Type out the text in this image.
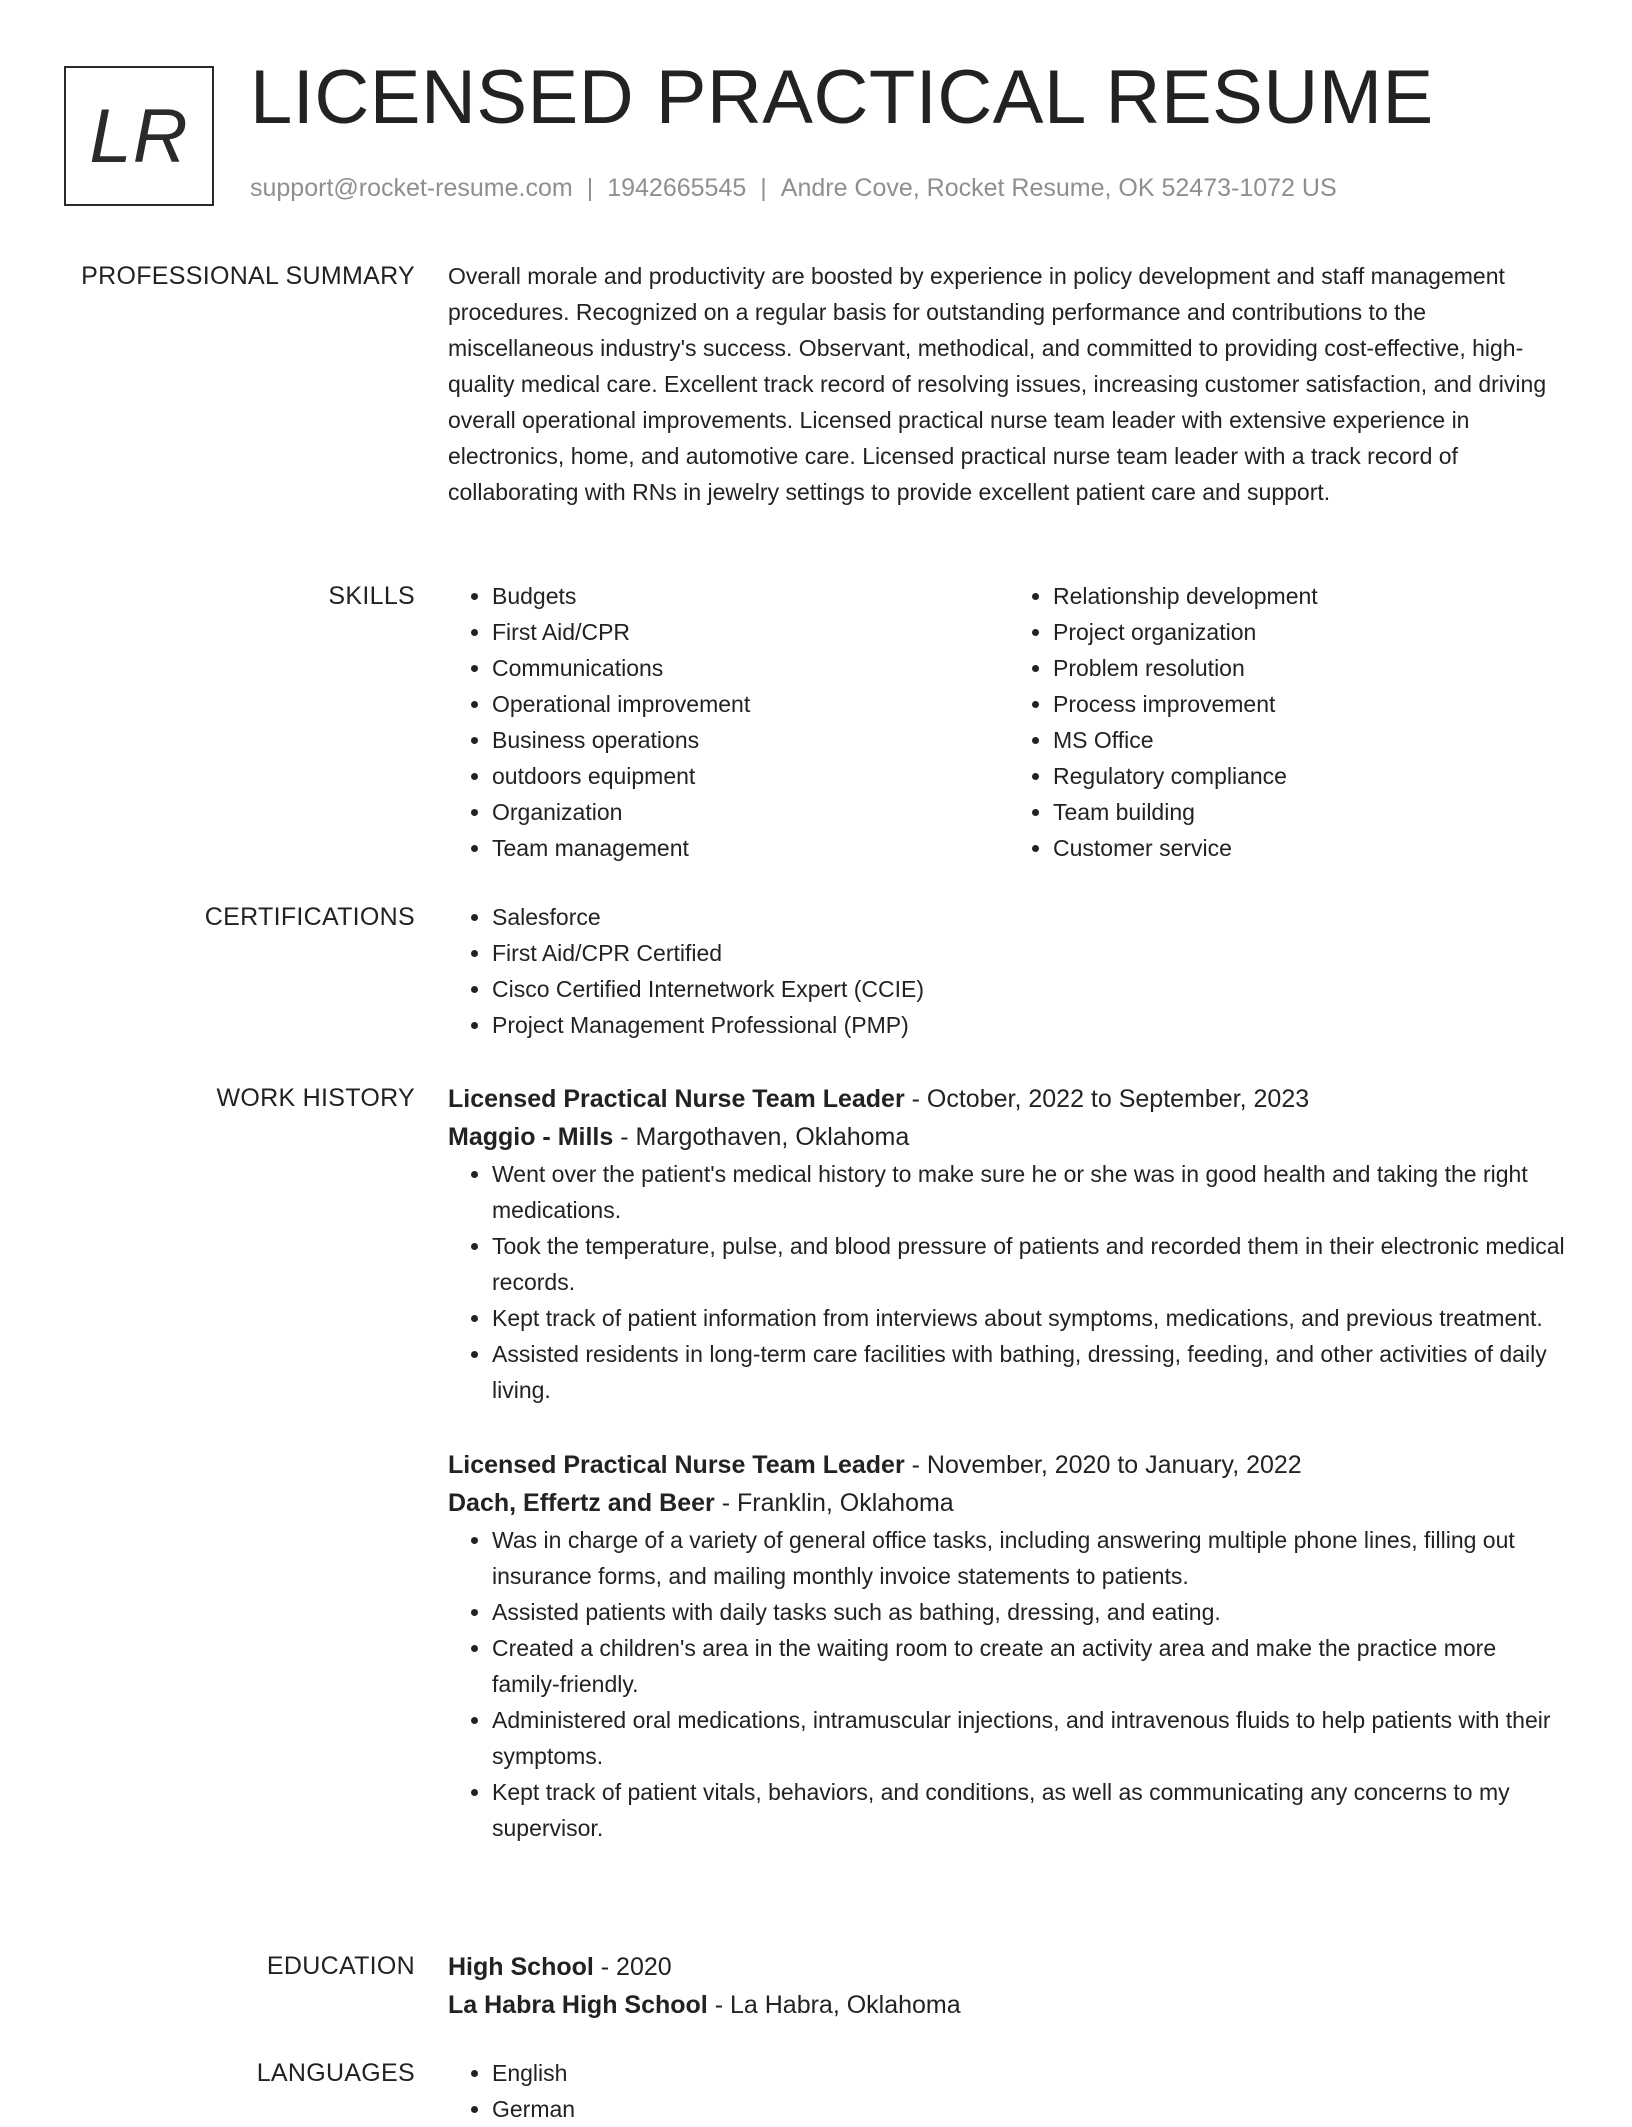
LR LICENSED PRACTICAL RESUME
support@rocket-resume.com | 1942665545 | Andre Cove, Rocket Resume, OK 52473-1072 US
PROFESSIONAL SUMMARY Overall morale and productivity are boosted by experience in policy development and staff management procedures. Recognized on a regular basis for outstanding performance and contributions to the miscellaneous industry's success. Observant, methodical, and committed to providing cost-effective, high-quality medical care. Excellent track record of resolving issues, increasing customer satisfaction, and driving overall operational improvements. Licensed practical nurse team leader with extensive experience in electronics, home, and automotive care. Licensed practical nurse team leader with a track record of collaborating with RNs in jewelry settings to provide excellent patient care and support.

SKILLS	• Budgets
• First Aid/CPR
• Communications
• Operational improvement
• Business operations
• outdoors equipment
• Organization
• Team management
• Relationship development
• Project organization
• Problem resolution
• Process improvement
• MS Office
• Regulatory compliance
• Team building
• Customer service
CERTIFICATIONS	• Salesforce
• First Aid/CPR Certified
• Cisco Certified Internetwork Expert (CCIE)
• Project Management Professional (PMP)
WORK HISTORY Licensed Practical Nurse Team Leader - October, 2022 to September, 2023
Maggio - Mills - Margothaven, Oklahoma
• Went over the patient's medical history to make sure he or she was in good health and taking the right medications.
• Took the temperature, pulse, and blood pressure of patients and recorded them in their electronic medical records.
• Kept track of patient information from interviews about symptoms, medications, and previous treatment.
• Assisted residents in long-term care facilities with bathing, dressing, feeding, and other activities of daily living.
Licensed Practical Nurse Team Leader - November, 2020 to January, 2022
Dach, Effertz and Beer - Franklin, Oklahoma
• Was in charge of a variety of general office tasks, including answering multiple phone lines, filling out insurance forms, and mailing monthly invoice statements to patients.
• Assisted patients with daily tasks such as bathing, dressing, and eating.
• Created a children's area in the waiting room to create an activity area and make the practice more family-friendly.
• Administered oral medications, intramuscular injections, and intravenous fluids to help patients with their symptoms.
• Kept track of patient vitals, behaviors, and conditions, as well as communicating any concerns to my supervisor.
EDUCATION High School - 2020
La Habra High School - La Habra, Oklahoma
LANGUAGES	• English
• German
